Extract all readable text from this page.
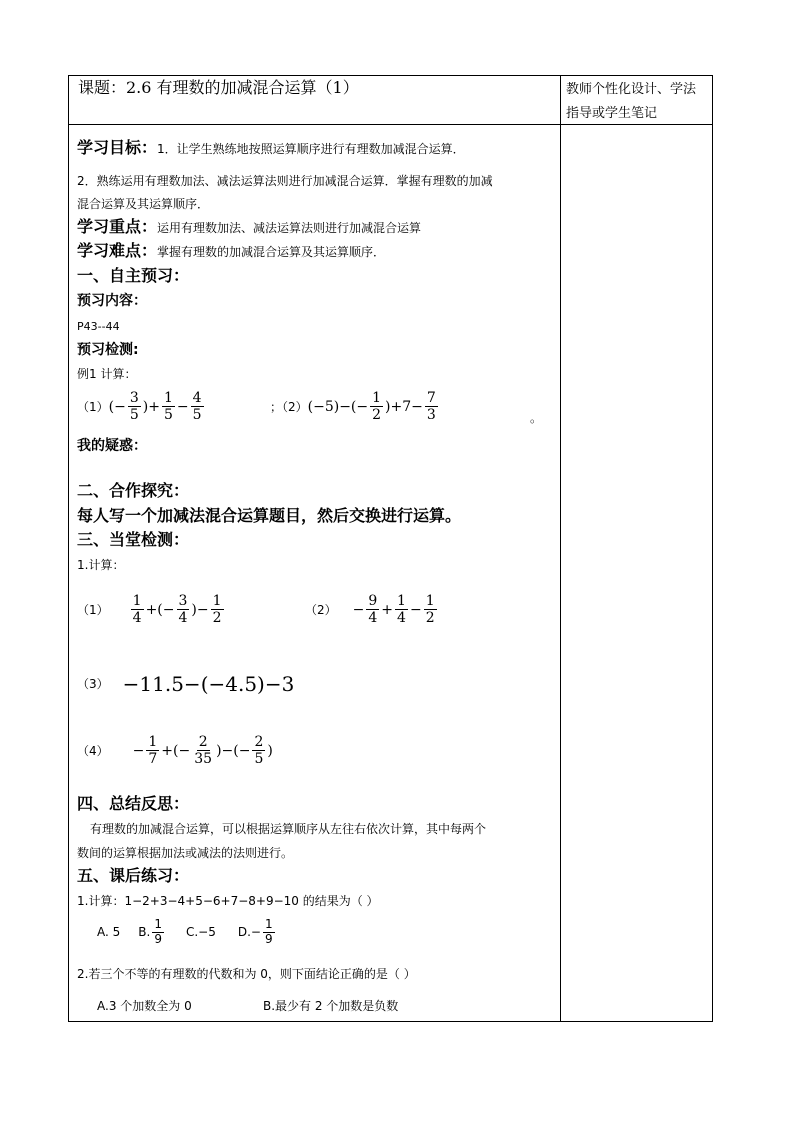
课题：2.6 有理数的加减混合运算（1）	教师个性化设计、学法
指导或学生笔记
学习目标：1．让学生熟练地按照运算顺序进行有理数加减混合运算．
2．熟练运用有理数加法、减法运算法则进行加减混合运算．掌握有理数的加减
混合运算及其运算顺序．
学习重点：运用有理数加法、减法运算法则进行加减混合运算
学习难点：掌握有理数的加减混合运算及其运算顺序．
一、自主预习：
预习内容：
P43--44
预习检测:
例1 计算：
（1） (− $\frac{3}{5}$ )+ $\frac{1}{5} - \frac{4}{5}$	；（2） $(-5)-(- \frac{1}{2} )+7- \frac{7}{3}$	。
我的疑惑：
二、合作探究：
每人写一个加减法混合运算题目，然后交换进行运算。
三、当堂检测：
1.计算：
$(1) \frac{1}{4}$ +(− $\frac{3}{4}$ )− $\frac{1}{2}$	$(2) - \frac{9}{4} + \frac{1}{4} - \frac{1}{2}$
（3） −11.5−(−4.5)−3
$(4) - \frac{1}{7}$ +(− $\frac{2}{35}$ )−(− $\frac{2}{5}$ )
四、总结反思：
有理数的加减混合运算，可以根据运算顺序从左往右依次计算，其中每两个
数间的运算根据加法或减法的法则进行。
五、课后练习：
1.计算：1−2+3−4+5−6+7−8+9−10 的结果为（ ）
A. 5 B. $\frac{1}{9} C.-5$ $D.- \frac{1}{9}$
2.若三个不等的有理数的代数和为 0，则下面结论正确的是（ ）
A.3 个加数全为 0	B.最少有 2 个加数是负数
